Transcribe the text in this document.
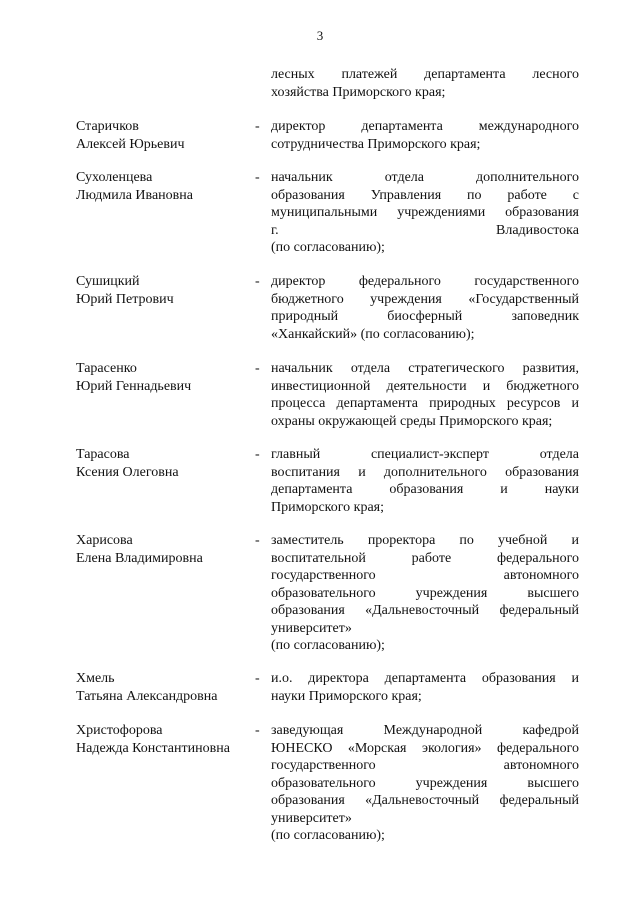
3
лесных платежей департамента лесного
хозяйства Приморского края;
Старичков
Алексей Юрьевич
- директор департамента международного
сотрудничества Приморского края;
Сухоленцева
Людмила Ивановна
- начальник отдела дополнительного
образования Управления по работе с
муниципальными учреждениями образования
г. Владивостока
(по согласованию);
Сушицкий
Юрий Петрович
- директор федерального государственного
бюджетного учреждения «Государственный
природный биосферный заповедник
«Ханкайский» (по согласованию);
Тарасенко
Юрий Геннадьевич
- начальник отдела стратегического развития,
инвестиционной деятельности и бюджетного
процесса департамента природных ресурсов и
охраны окружающей среды Приморского края;
Тарасова
Ксения Олеговна
- главный специалист-эксперт отдела
воспитания и дополнительного образования
департамента образования и науки
Приморского края;
Харисова
Елена Владимировна
- заместитель проректора по учебной и
воспитательной работе федерального
государственного автономного
образовательного учреждения высшего
образования «Дальневосточный федеральный
университет»
(по согласованию);
Хмель
Татьяна Александровна
- и.о. директора департамента образования и
науки Приморского края;
Христофорова
Надежда Константиновна
- заведующая Международной кафедрой
ЮНЕСКО «Морская экология» федерального
государственного автономного
образовательного учреждения высшего
образования «Дальневосточный федеральный
университет»
(по согласованию);
